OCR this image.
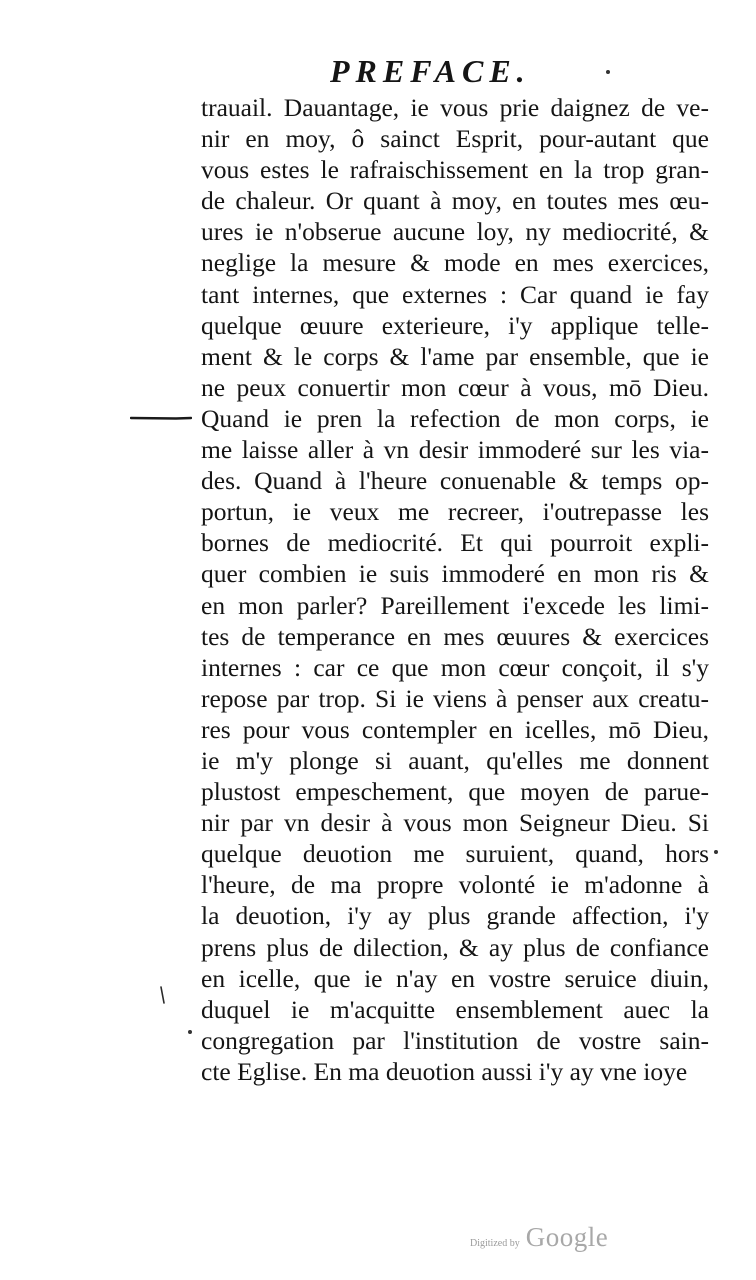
PREFACE.
trauail. Dauantage, ie vous prie daignez de ve-
nir en moy, ô sainct Esprit, pour-autant que
vous estes le rafraischissement en la trop gran-
de chaleur. Or quant à moy, en toutes mes œu-
ures ie n'obserue aucune loy, ny mediocrité, &
neglige la mesure & mode en mes exercices,
tant internes, que externes : Car quand ie fay
quelque œuure exterieure, i'y applique telle-
ment & le corps & l'ame par ensemble, que ie
ne peux conuertir mon cœur à vous, mō Dieu.
Quand ie pren la refection de mon corps, ie
me laisse aller à vn desir immoderé sur les via-
des. Quand à l'heure conuenable & temps op-
portun, ie veux me recreer, i'outrepasse les
bornes de mediocrité. Et qui pourroit expli-
quer combien ie suis immoderé en mon ris &
en mon parler? Pareillement i'excede les limi-
tes de temperance en mes œuures & exercices
internes : car ce que mon cœur conçoit, il s'y
repose par trop. Si ie viens à penser aux creatu-
res pour vous contempler en icelles, mō Dieu,
ie m'y plonge si auant, qu'elles me donnent
plustost empeschement, que moyen de paruе-
nir par vn desir à vous mon Seigneur Dieu. Si
quelque deuotion me suruient, quand, hors
l'heure, de ma propre volonté ie m'adonne à
la deuotion, i'y ay plus grande affection, i'y
prens plus de dilection, & ay plus de confiance
en icelle, que ie n'ay en vostre seruice diuin,
duquel ie m'acquitte ensemblement auec la
congregation par l'institution de vostre sain-
cte Eglise. En ma deuotion aussi i'y ay vne ioye
Digitized by Google
